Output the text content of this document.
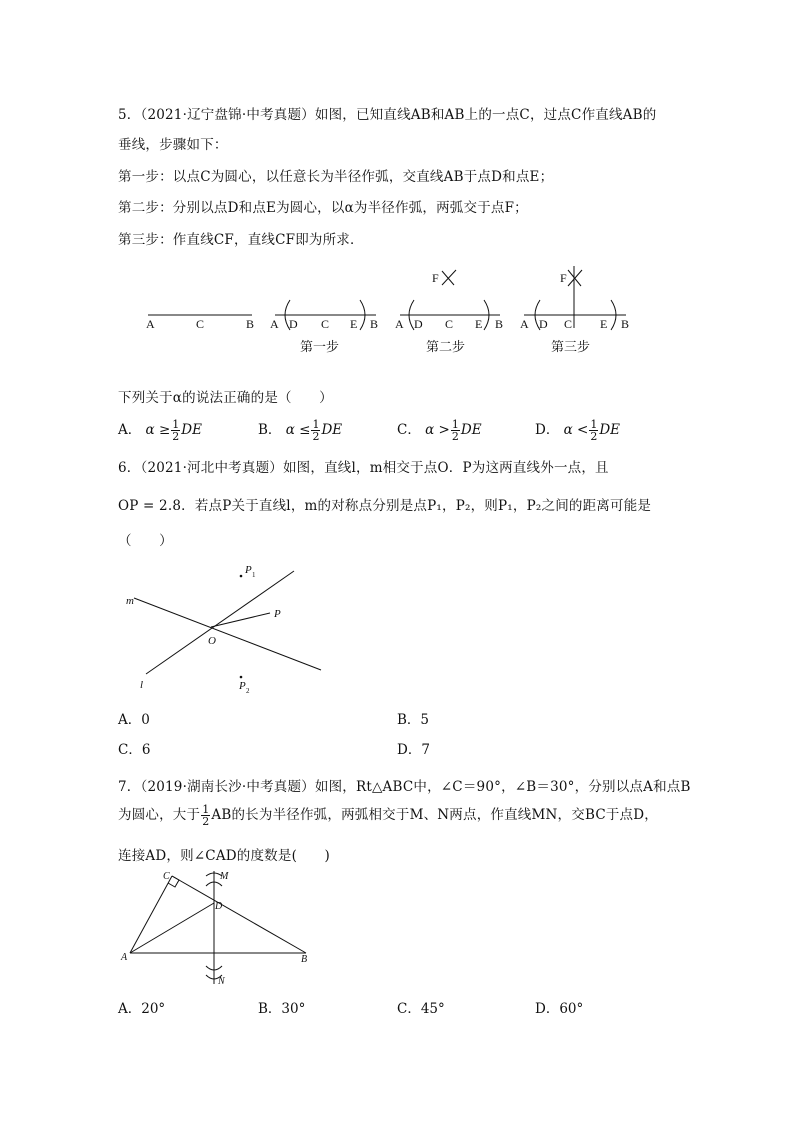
5．（2021·辽宁盘锦·中考真题）如图，已知直线AB和AB上的一点C，过点C作直线AB的
垂线，步骤如下：
第一步：以点C为圆心，以任意长为半径作弧，交直线AB于点D和点E；
第二步：分别以点D和点E为圆心，以α为半径作弧，两弧交于点F；
第三步：作直线CF，直线CF即为所求．
A	C	B A D C E B A D C E B
F
A D C E B
F
第一步	第二步	第三步
下列关于α的说法正确的是（　　）
A． $\alpha \ge \frac{1}{2}$ DE	B． $\alpha \le \frac{1}{2}$ DE	C． $\alpha > \frac{1}{2}$ DE	D． $\alpha < \frac{1}{2}$ DE
6．（2021·河北中考真题）如图，直线l，m相交于点O．P为这两直线外一点，且
OP = 2.8．若点P关于直线l，m的对称点分别是点P₁，P₂，则P₁，P₂之间的距离可能是
（　　）
m
l
O
P
P 1
P 2
A．0	B．5
C．6	D．7
7．（2019·湖南长沙·中考真题）如图，Rt△ABC中，∠C＝90°，∠B＝30°，分别以点A和点B
为圆心，大于 $\frac{1}{2}$ AB的长为半径作弧，两弧相交于M、N两点，作直线MN，交BC于点D，
连接AD，则∠CAD的度数是(　　)
A	B
C
D
M
N
A．20°	B．30°	C．45°	D．60°
